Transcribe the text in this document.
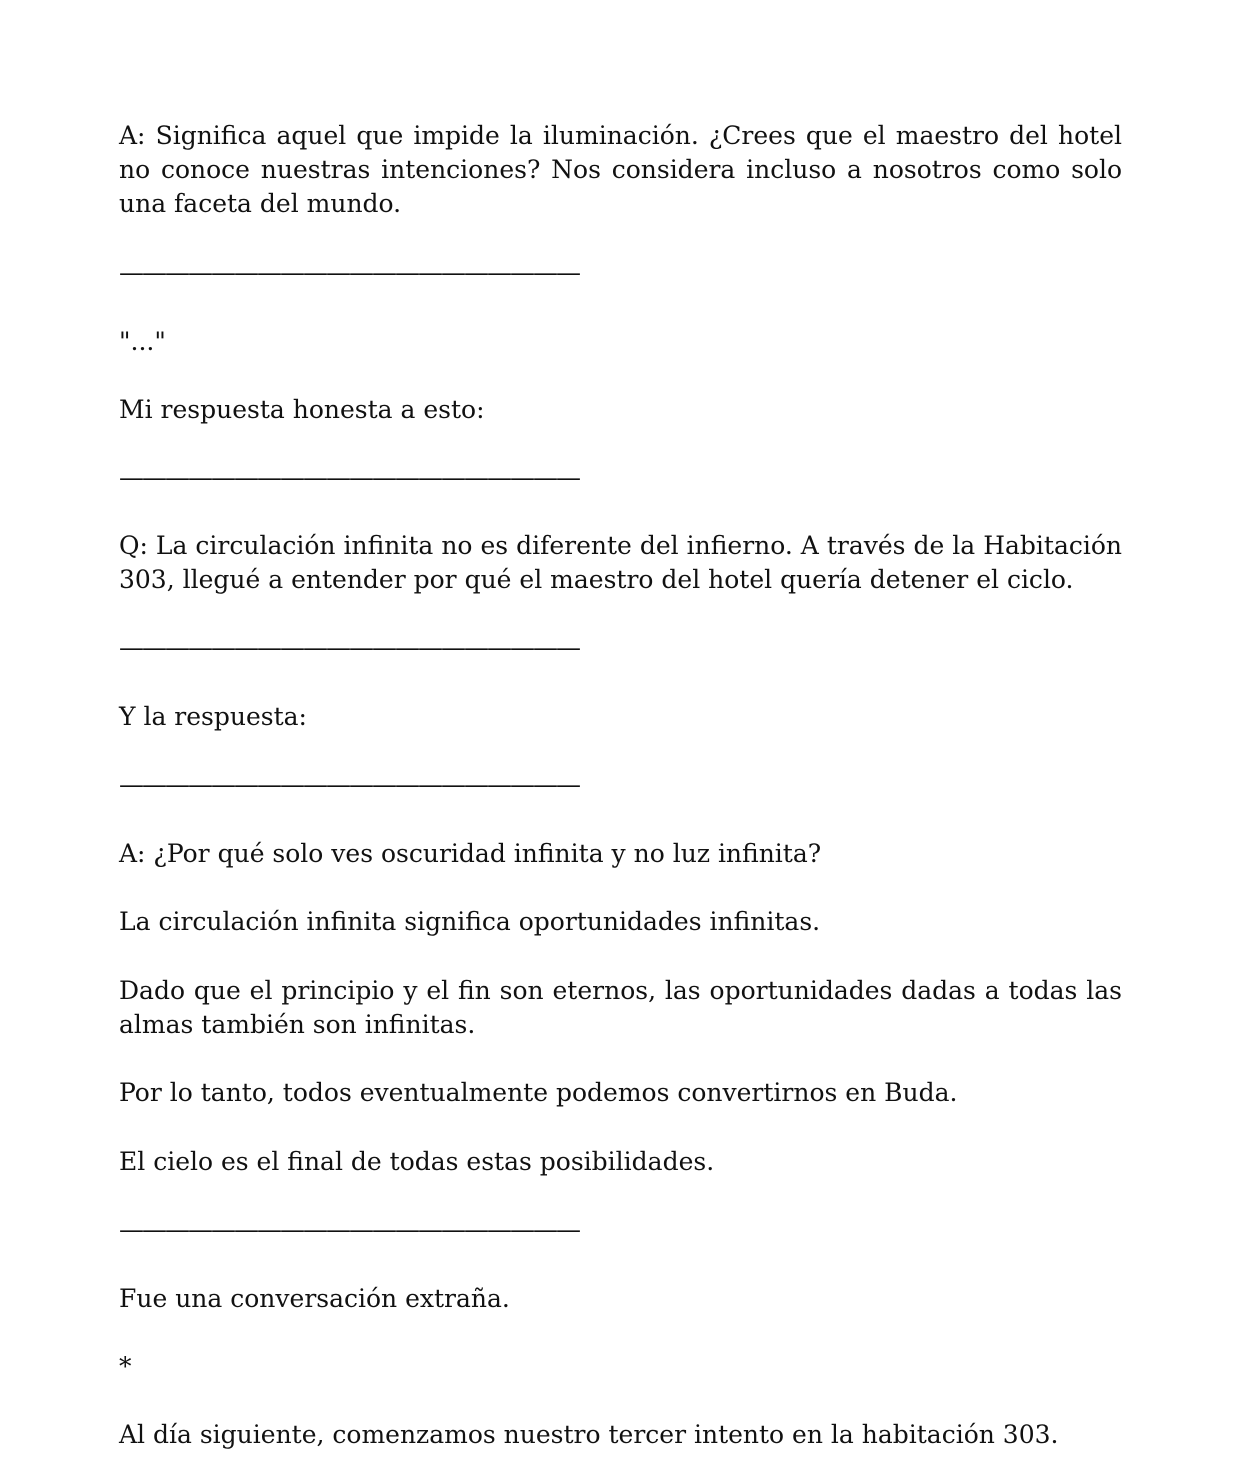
A: Significa aquel que impide la iluminación. ¿Crees que el maestro del hotel no conoce nuestras intenciones? Nos considera incluso a nosotros como solo una faceta del mundo.

————————————————————
"..."
Mi respuesta honesta a esto:
————————————————————

Q: La circulación infinita no es diferente del infierno. A través de la Habitación 303, llegué a entender por qué el maestro del hotel quería detener el ciclo.

————————————————————
Y la respuesta:
————————————————————
A: ¿Por qué solo ves oscuridad infinita y no luz infinita?
La circulación infinita significa oportunidades infinitas.

Dado que el principio y el fin son eternos, las oportunidades dadas a todas las almas también son infinitas.

Por lo tanto, todos eventualmente podemos convertirnos en Buda.
El cielo es el final de todas estas posibilidades.
————————————————————
Fue una conversación extraña.
*
Al día siguiente, comenzamos nuestro tercer intento en la habitación 303.
